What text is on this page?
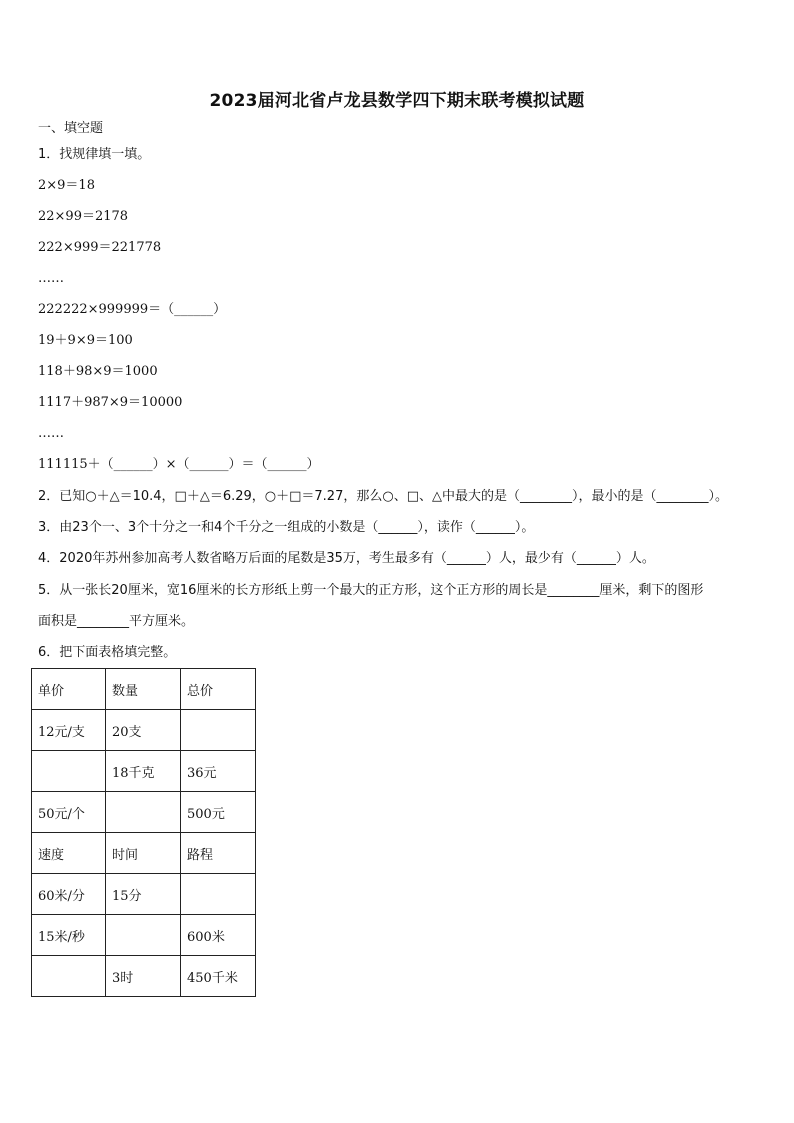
2023届河北省卢龙县数学四下期末联考模拟试题
一、填空题
1．找规律填一填。
2×9＝18
22×99＝2178
222×999＝221778
……
222222×999999＝（______）
19＋9×9＝100
118＋98×9＝1000
1117＋987×9＝10000
……
111115＋（______）×（______）＝（______）
2．已知○＋△＝10.4，□＋△＝6.29，○＋□＝7.27，那么○、□、△中最大的是（________），最小的是（________）。
3．由23个一、3个十分之一和4个千分之一组成的小数是（______），读作（______）。
4．2020年苏州参加高考人数省略万后面的尾数是35万，考生最多有（______）人，最少有（______）人。
5．从一张长20厘米，宽16厘米的长方形纸上剪一个最大的正方形，这个正方形的周长是________厘米，剩下的图形
面积是________平方厘米。
6．把下面表格填完整。
单价	数量	总价
12元/支	20支	
	18千克	36元
50元/个		500元
速度	时间	路程
60米/分	15分	
15米/秒		600米
	3时	450千米
